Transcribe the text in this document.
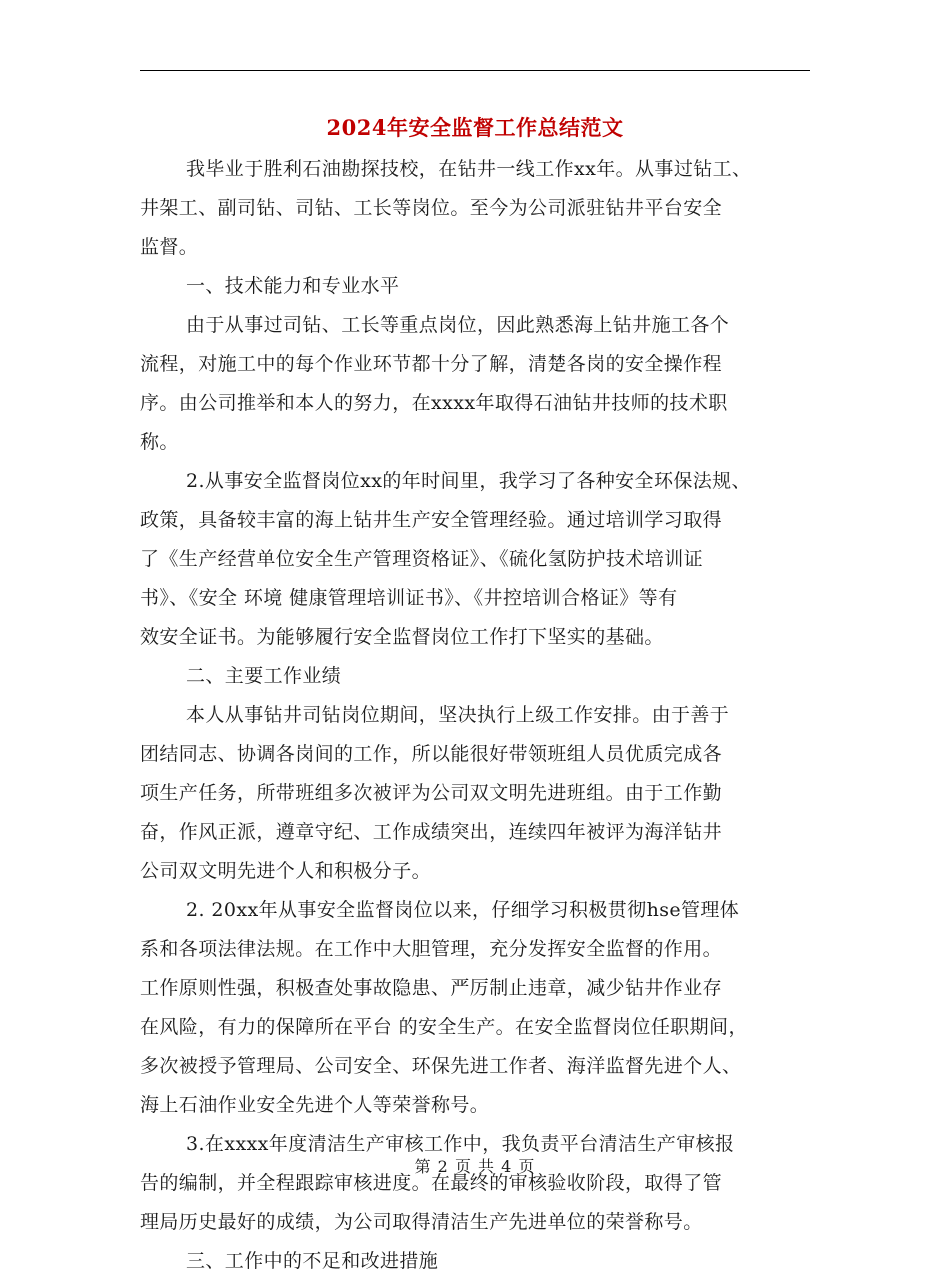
2024年安全监督工作总结范文
我毕业于胜利石油勘探技校，在钻井一线工作xx年。从事过钻工、
井架工、副司钻、司钻、工长等岗位。至今为公司派驻钻井平台安全
监督。
一、技术能力和专业水平
由于从事过司钻、工长等重点岗位，因此熟悉海上钻井施工各个
流程，对施工中的每个作业环节都十分了解，清楚各岗的安全操作程
序。由公司推举和本人的努力，在xxxx年取得石油钻井技师的技术职
称。
2.从事安全监督岗位xx的年时间里，我学习了各种安全环保法规、
政策，具备较丰富的海上钻井生产安全管理经验。通过培训学习取得
了《生产经营单位安全生产管理资格证》、《硫化氢防护技术培训证
书》、《安全 环境 健康管理培训证书》、《井控培训合格证》等有
效安全证书。为能够履行安全监督岗位工作打下坚实的基础。
二、主要工作业绩
本人从事钻井司钻岗位期间，坚决执行上级工作安排。由于善于
团结同志、协调各岗间的工作，所以能很好带领班组人员优质完成各
项生产任务，所带班组多次被评为公司双文明先进班组。由于工作勤
奋，作风正派，遵章守纪、工作成绩突出，连续四年被评为海洋钻井
公司双文明先进个人和积极分子。
2. 20xx年从事安全监督岗位以来，仔细学习积极贯彻hse管理体
系和各项法律法规。在工作中大胆管理，充分发挥安全监督的作用。
工作原则性强，积极查处事故隐患、严厉制止违章，减少钻井作业存
在风险，有力的保障所在平台 的安全生产。在安全监督岗位任职期间，
多次被授予管理局、公司安全、环保先进工作者、海洋监督先进个人、
海上石油作业安全先进个人等荣誉称号。
3.在xxxx年度清洁生产审核工作中，我负责平台清洁生产审核报
告的编制，并全程跟踪审核进度。在最终的审核验收阶段，取得了管
理局历史最好的成绩，为公司取得清洁生产先进单位的荣誉称号。
三、工作中的不足和改进措施
第 2 页 共 4 页
